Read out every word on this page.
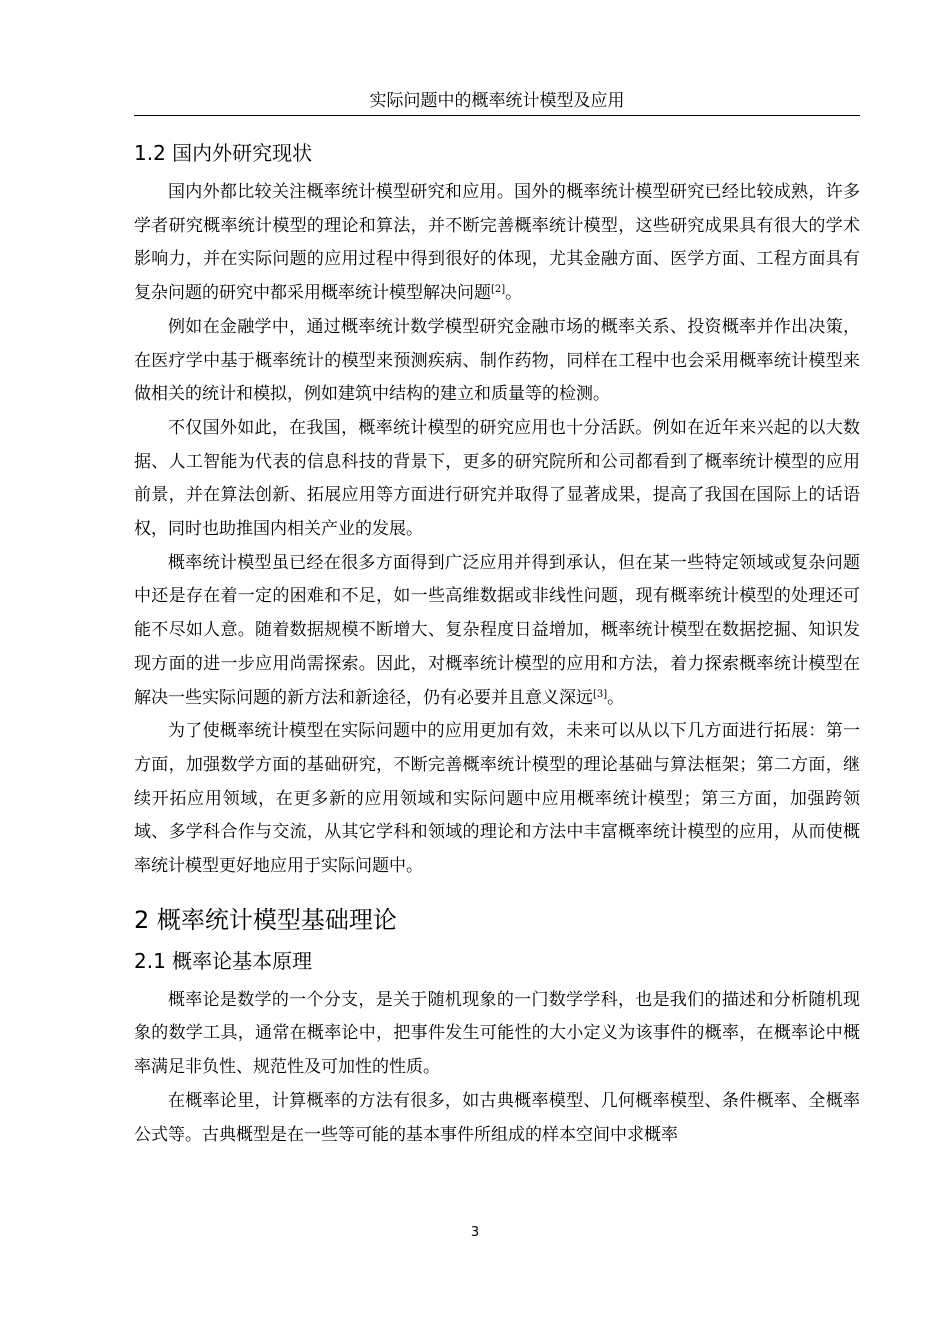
实际问题中的概率统计模型及应用
1.2 国内外研究现状

国内外都比较关注概率统计模型研究和应用。国外的概率统计模型研究已经比较成熟，许多学者研究概率统计模型的理论和算法，并不断完善概率统计模型，这些研究成果具有很大的学术影响力，并在实际问题的应用过程中得到很好的体现，尤其金融方面、医学方面、工程方面具有复杂问题的研究中都采用概率统计模型解决问题[2]。

例如在金融学中，通过概率统计数学模型研究金融市场的概率关系、投资概率并作出决策，在医疗学中基于概率统计的模型来预测疾病、制作药物，同样在工程中也会采用概率统计模型来做相关的统计和模拟，例如建筑中结构的建立和质量等的检测。

不仅国外如此，在我国，概率统计模型的研究应用也十分活跃。例如在近年来兴起的以大数据、人工智能为代表的信息科技的背景下，更多的研究院所和公司都看到了概率统计模型的应用前景，并在算法创新、拓展应用等方面进行研究并取得了显著成果，提高了我国在国际上的话语权，同时也助推国内相关产业的发展。

概率统计模型虽已经在很多方面得到广泛应用并得到承认，但在某一些特定领域或复杂问题中还是存在着一定的困难和不足，如一些高维数据或非线性问题，现有概率统计模型的处理还可能不尽如人意。随着数据规模不断增大、复杂程度日益增加，概率统计模型在数据挖掘、知识发现方面的进一步应用尚需探索。因此，对概率统计模型的应用和方法，着力探索概率统计模型在解决一些实际问题的新方法和新途径，仍有必要并且意义深远[3]。

为了使概率统计模型在实际问题中的应用更加有效，未来可以从以下几方面进行拓展：第一方面，加强数学方面的基础研究，不断完善概率统计模型的理论基础与算法框架；第二方面，继续开拓应用领域，在更多新的应用领域和实际问题中应用概率统计模型；第三方面，加强跨领域、多学科合作与交流，从其它学科和领域的理论和方法中丰富概率统计模型的应用，从而使概率统计模型更好地应用于实际问题中。

2 概率统计模型基础理论
2.1 概率论基本原理

概率论是数学的一个分支，是关于随机现象的一门数学学科，也是我们的描述和分析随机现象的数学工具，通常在概率论中，把事件发生可能性的大小定义为该事件的概率，在概率论中概率满足非负性、规范性及可加性的性质。

在概率论里，计算概率的方法有很多，如古典概率模型、几何概率模型、条件概率、全概率公式等。古典概型是在一些等可能的基本事件所组成的样本空间中求概率

3
